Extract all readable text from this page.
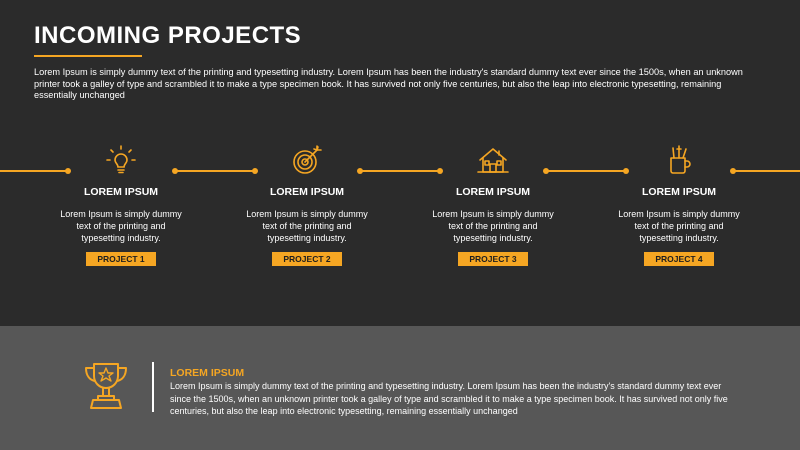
INCOMING PROJECTS

Lorem Ipsum is simply dummy text of the printing and typesetting industry. Lorem Ipsum has been the industry's standard dummy text ever since the 1500s, when an unknown printer took a galley of type and scrambled it to make a type specimen book. It has survived not only five centuries, but also the leap into electronic typesetting, remaining essentially unchanged

LOREM IPSUM
Lorem Ipsum is simply dummy text of the printing and typesetting industry.
PROJECT 1
LOREM IPSUM
Lorem Ipsum is simply dummy text of the printing and typesetting industry.
PROJECT 2
LOREM IPSUM
Lorem Ipsum is simply dummy text of the printing and typesetting industry.
PROJECT 3
LOREM IPSUM
Lorem Ipsum is simply dummy text of the printing and typesetting industry.
PROJECT 4

LOREM IPSUM

Lorem Ipsum is simply dummy text of the printing and typesetting industry. Lorem Ipsum has been the industry's standard dummy text ever since the 1500s, when an unknown printer took a galley of type and scrambled it to make a type specimen book. It has survived not only five centuries, but also the leap into electronic typesetting, remaining essentially unchanged
